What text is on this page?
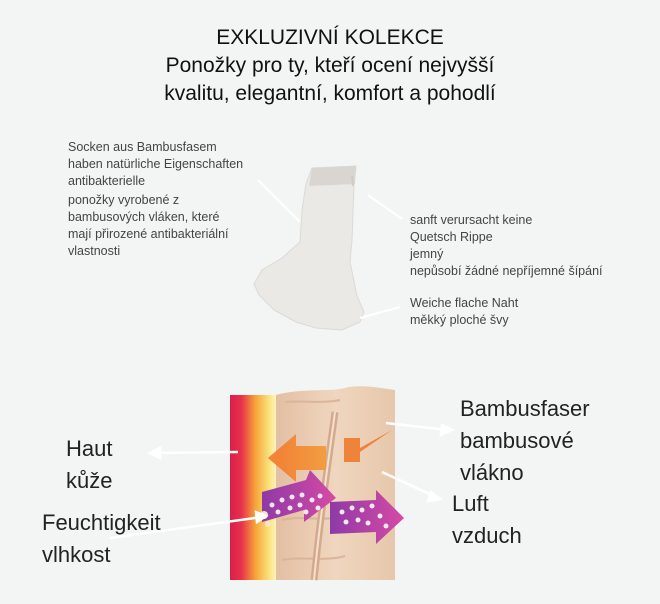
EXKLUZIVNÍ KOLEKCE
Ponožky pro ty, kteří ocení nejvyšší
kvalitu, elegantní, komfort a pohodlí
Socken aus Bambusfasem
haben natürliche Eigenschaften
antibakterielle
ponožky vyrobené z
bambusových vláken, které
mají přirozené antibakteriální
vlastnosti
sanft verursacht keine
Quetsch Rippe
jemný
nepůsobí žádné nepříjemné šípání
Weiche flache Naht
měkký ploché švy
Haut
kůže
Feuchtigkeit
vlhkost
Bambusfaser
bambusové
vlákno
Luft
vzduch
